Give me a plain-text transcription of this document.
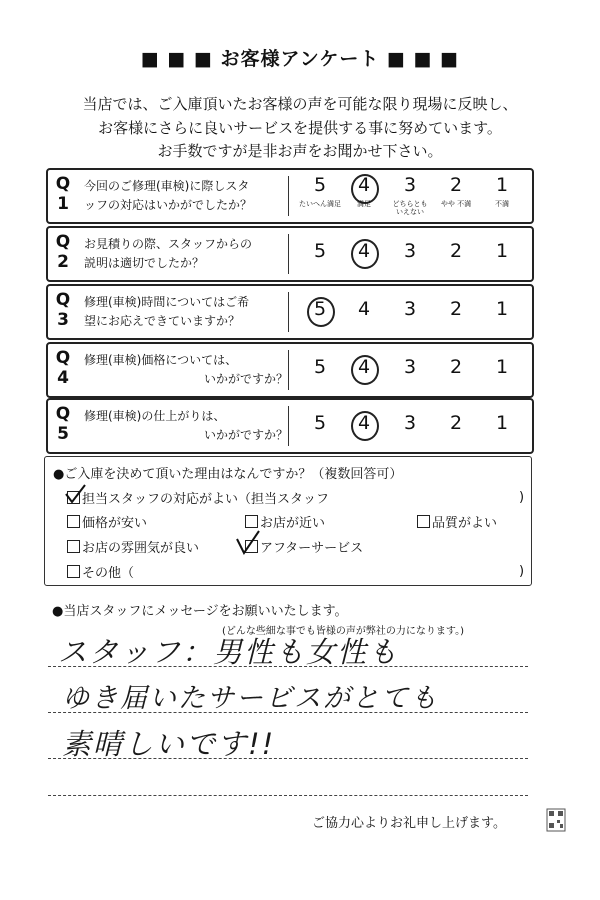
■ ■ ■ お客様アンケート ■ ■ ■
当店では、ご入庫頂いたお客様の声を可能な限り現場に反映し、
お客様にさらに良いサービスを提供する事に努めています。
お手数ですが是非お声をお聞かせ下さい。
Q
1
今回のご修理(車検)に際しスタ
ッフの対応はいかがでしたか？
5	4	3	2	1
たいへん満足	満足	どちらとも いえない
やや 不満	不満
Q
2
お見積りの際、スタッフからの
説明は適切でしたか？
5	4	3	2	1
Q
3
修理(車検)時間についてはご希
望にお応えできていますか？
5	4	3	2	1
Q
4
修理(車検)価格については、
いかがですか？
5	4	3	2	1
Q
5
修理(車検)の仕上がりは、
いかがですか？
5	4	3	2	1
●ご入庫を決めて頂いた理由はなんですか？（複数回答可）
担当スタッフの対応がよい（担当スタッフ	)
価格が安い	お店が近い	品質がよい
お店の雰囲気が良い	アフターサービス
その他（	)
●当店スタッフにメッセージをお願いいたします。
(どんな些細な事でも皆様の声が弊社の力になります。)
スタッフ：男性も女性も
ゆき届いたサービスがとても
素晴しいです!!
ご協力心よりお礼申し上げます。
